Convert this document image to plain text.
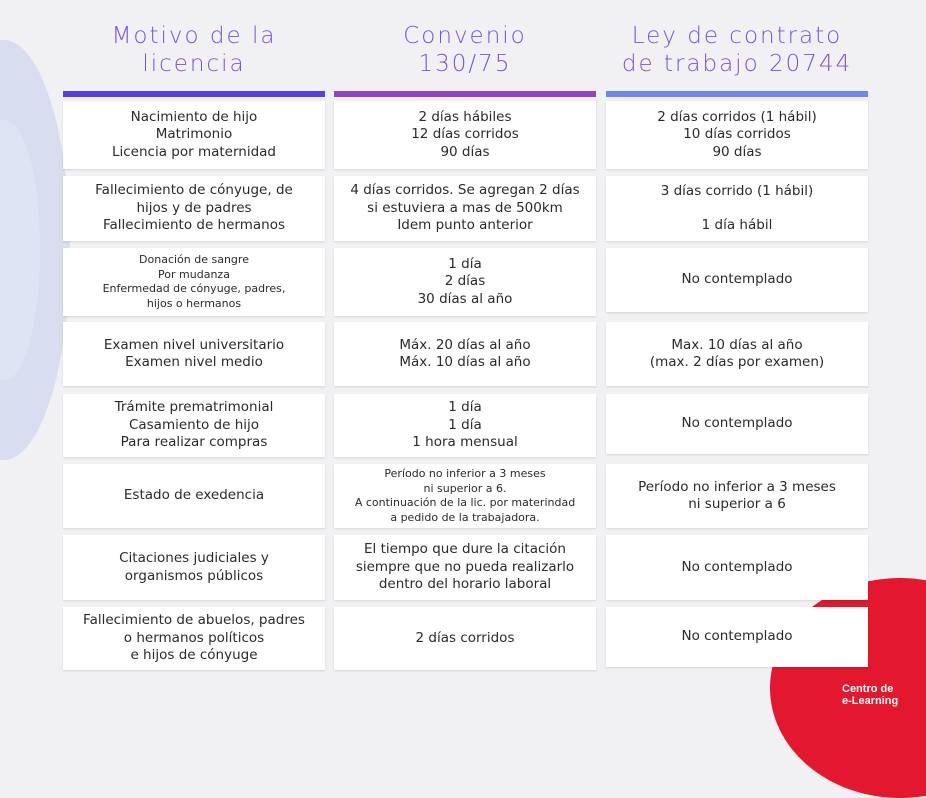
Centro de
e-Learning
Motivo de la
licencia
Convenio
130/75
Ley de contrato
de trabajo 20744
Nacimiento de hijo
Matrimonio
Licencia por maternidad
2 días hábiles
12 días corridos
90 días
2 días corridos (1 hábil)
10 días corridos
90 días
Fallecimiento de cónyuge, de
hijos y de padres
Fallecimiento de hermanos
4 días corridos. Se agregan 2 días
si estuviera a mas de 500km
Idem punto anterior
3 días corrido (1 hábil)
1 día hábil
Donación de sangre
Por mudanza
Enfermedad de cónyuge, padres,
hijos o hermanos
1 día
2 días
30 días al año
No contemplado
Examen nivel universitario
Examen nivel medio
Máx. 20 días al año
Máx. 10 días al año
Max. 10 días al año
(max. 2 días por examen)
Trámite prematrimonial
Casamiento de hijo
Para realizar compras
1 día
1 día
1 hora mensual
No contemplado
Estado de exedencia
Período no inferior a 3 meses
ni superior a 6.
A continuación de la lic. por materindad
a pedido de la trabajadora.
Período no inferior a 3 meses
ni superior a 6
Citaciones judiciales y
organismos públicos
El tiempo que dure la citación
siempre que no pueda realizarlo
dentro del horario laboral
No contemplado
Fallecimiento de abuelos, padres
o hermanos políticos
e hijos de cónyuge
2 días corridos	No contemplado
